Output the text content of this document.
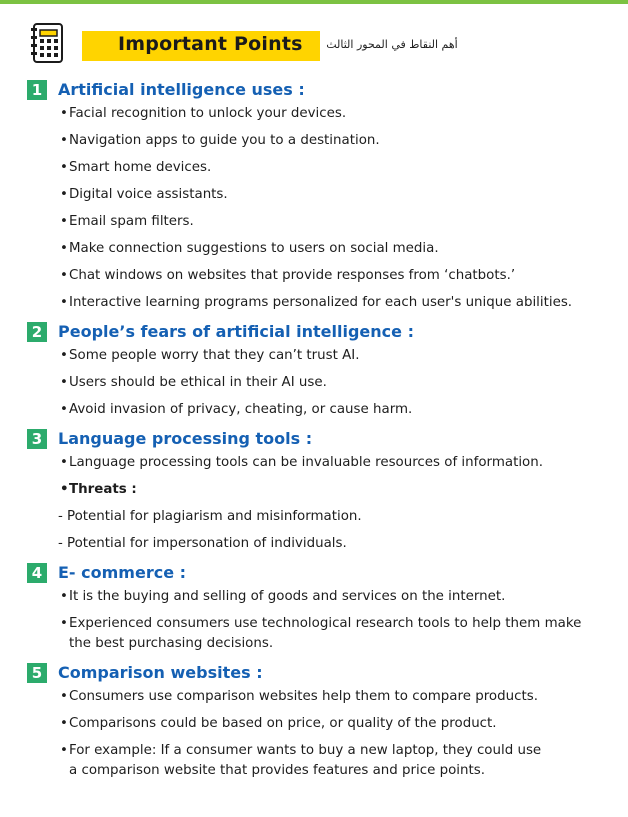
Important Points	أهم النقاط في المحور الثالث
1 Artificial intelligence uses :
•Facial recognition to unlock your devices.
•Navigation apps to guide you to a destination.
•Smart home devices.
•Digital voice assistants.
•Email spam filters.
•Make connection suggestions to users on social media.
•Chat windows on websites that provide responses from ‘chatbots.’
•Interactive learning programs personalized for each user's unique abilities.
2 People’s fears of artificial intelligence :
•Some people worry that they can’t trust AI.
•Users should be ethical in their AI use.
•Avoid invasion of privacy, cheating, or cause harm.
3 Language processing tools :
•Language processing tools can be invaluable resources of information.
•Threats :
- Potential for plagiarism and misinformation.
- Potential for impersonation of individuals.
4 E- commerce :
•It is the buying and selling of goods and services on the internet.
•Experienced consumers use technological research tools to help them make
the best purchasing decisions.
5 Comparison websites :
•Consumers use comparison websites help them to compare products.
•Comparisons could be based on price, or quality of the product.
•For example: If a consumer wants to buy a new laptop, they could use
a comparison website that provides features and price points.
